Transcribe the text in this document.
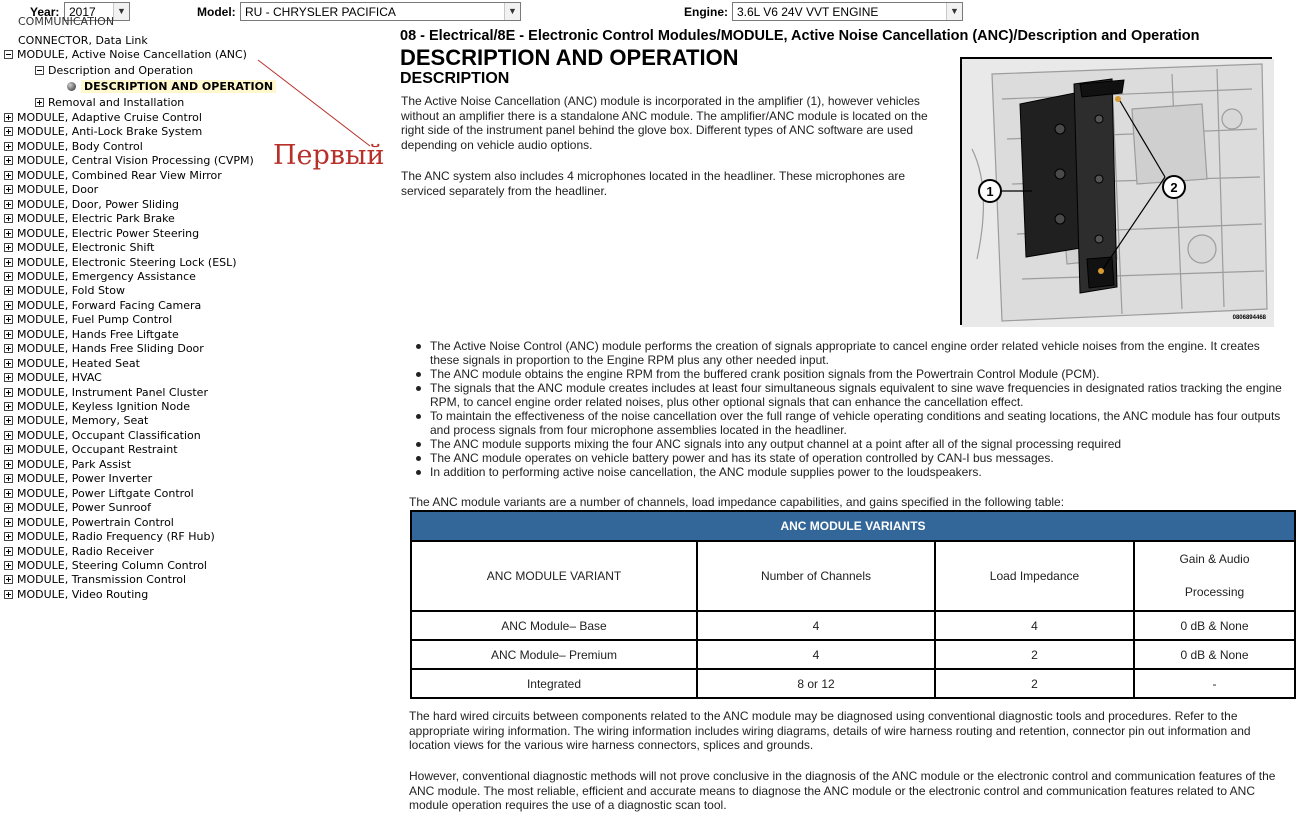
Year: 2017	▼	Model: RU - CHRYSLER PACIFICA	▼	Engine: 3.6L V6 24V VVT ENGINE	▼
COMMUNICATION
CONNECTOR, Data Link
MODULE, Active Noise Cancellation (ANC)
Description and Operation
DESCRIPTION AND OPERATION
Removal and Installation
MODULE, Adaptive Cruise Control
MODULE, Anti-Lock Brake System
MODULE, Body Control
MODULE, Central Vision Processing (CVPM)
MODULE, Combined Rear View Mirror
MODULE, Door
MODULE, Door, Power Sliding
MODULE, Electric Park Brake
MODULE, Electric Power Steering
MODULE, Electronic Shift
MODULE, Electronic Steering Lock (ESL)
MODULE, Emergency Assistance
MODULE, Fold Stow
MODULE, Forward Facing Camera
MODULE, Fuel Pump Control
MODULE, Hands Free Liftgate
MODULE, Hands Free Sliding Door
MODULE, Heated Seat
MODULE, HVAC
MODULE, Instrument Panel Cluster
MODULE, Keyless Ignition Node
MODULE, Memory, Seat
MODULE, Occupant Classification
MODULE, Occupant Restraint
MODULE, Park Assist
MODULE, Power Inverter
MODULE, Power Liftgate Control
MODULE, Power Sunroof
MODULE, Powertrain Control
MODULE, Radio Frequency (RF Hub)
MODULE, Radio Receiver
MODULE, Steering Column Control
MODULE, Transmission Control
MODULE, Video Routing
Первый
08 - Electrical/8E - Electronic Control Modules/MODULE, Active Noise Cancellation (ANC)/Description and Operation
DESCRIPTION AND OPERATION
DESCRIPTION
The Active Noise Cancellation (ANC) module is incorporated in the amplifier (1), however vehicles without an amplifier there is a standalone ANC module. The amplifier/ANC module is located on the right side of the instrument panel behind the glove box. Different types of ANC software are used depending on vehicle audio options.
The ANC system also includes 4 microphones located in the headliner. These microphones are serviced separately from the headliner.	1	2
0806894468
The Active Noise Control (ANC) module performs the creation of signals appropriate to cancel engine order related vehicle noises from the engine. It creates these signals in proportion to the Engine RPM plus any other needed input.
The ANC module obtains the engine RPM from the buffered crank position signals from the Powertrain Control Module (PCM).
The signals that the ANC module creates includes at least four simultaneous signals equivalent to sine wave frequencies in designated ratios tracking the engine RPM, to cancel engine order related noises, plus other optional signals that can enhance the cancellation effect.
To maintain the effectiveness of the noise cancellation over the full range of vehicle operating conditions and seating locations, the ANC module has four outputs and process signals from four microphone assemblies located in the headliner.
The ANC module supports mixing the four ANC signals into any output channel at a point after all of the signal processing required
The ANC module operates on vehicle battery power and has its state of operation controlled by CAN-I bus messages.
In addition to performing active noise cancellation, the ANC module supplies power to the loudspeakers.
The ANC module variants are a number of channels, load impedance capabilities, and gains specified in the following table:
The hard wired circuits between components related to the ANC module may be diagnosed using conventional diagnostic tools and procedures. Refer to the appropriate wiring information. The wiring information includes wiring diagrams, details of wire harness routing and retention, connector pin out information and location views for the various wire harness connectors, splices and grounds.
However, conventional diagnostic methods will not prove conclusive in the diagnosis of the ANC module or the electronic control and communication features of the ANC module. The most reliable, efficient and accurate means to diagnose the ANC module or the electronic control and communication features related to ANC module operation requires the use of a diagnostic scan tool.
ANC MODULE VARIANTS			
ANC MODULE VARIANT	Number of Channels	Load Impedance	Gain & Audio
Processing

ANC Module– Base	4	4	0 dB & None
ANC Module– Premium	4	2	0 dB & None
Integrated	8 or 12	2	-
